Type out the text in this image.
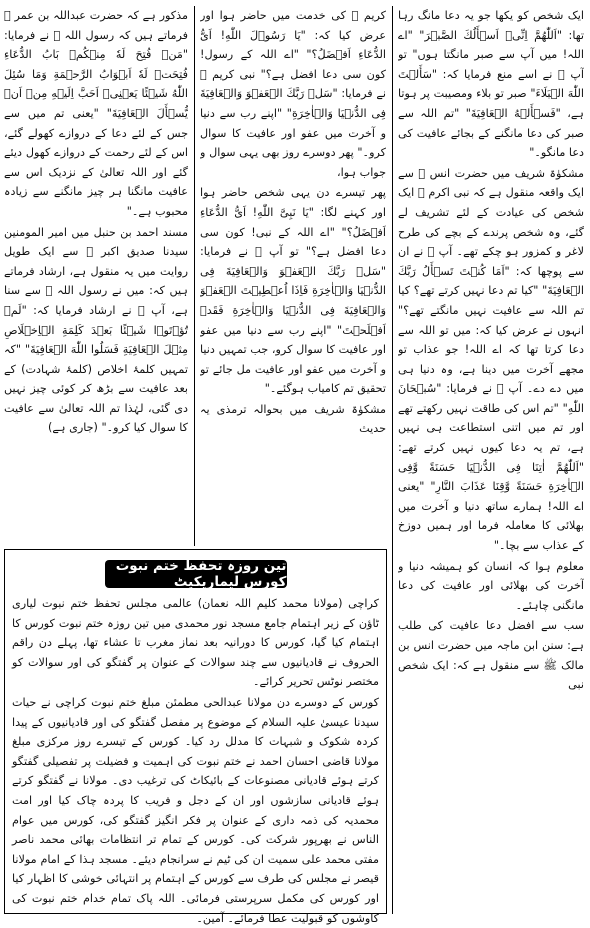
ایک شخص کو یکھا جو یہ دعا مانگ رہا تھا: "اَللّٰهُمَّ اِنِّیۡ اَسۡأَلُكَ الصَّبۡرَ" "اے اللہ! میں آپ سے صبر مانگتا ہوں" تو آپ ﷺ نے اسے منع فرمایا کہ: "سَأَلۡتَ اللّٰهَ الۡبَلَاءَ" صبر تو بلاء ومصیبت پر ہوتا ہے، "فَسۡأَلۡهُ الۡعَافِیَةَ" "تم اللہ سے صبر کی دعا مانگنے کے بجائے عافیت کی دعا مانگو۔"

مشکوٰۃ شریف میں حضرت انس ﷺ سے ایک واقعہ منقول ہے کہ نبی اکرم ﷺ ایک شخص کی عیادت کے لئے تشریف لے گئے، وہ شخص پرندے کے بچے کی طرح لاغر و کمزور ہو چکے تھے۔ آپ ﷺ نے ان سے پوچھا کہ: "اَمَا کُنۡتَ تَسۡأَلُ رَبَّكَ الۡعَافِیَةَ" "کیا تم دعا نہیں کرتے تھے؟ کیا تم اللہ سے عافیت نہیں مانگتے تھے؟" انہوں نے عرض کیا کہ: میں تو اللہ سے دعا کرتا تھا کہ اے اللہ! جو عذاب تو مجھے آخرت میں دینا ہے، وہ دنیا ہی میں دے دے۔ آپ ﷺ نے فرمایا: "سُبۡحَانَ اللّٰهِ" "تم اس کی طاقت نہیں رکھتے تھے اور تم میں اتنی استطاعت ہی نہیں ہے، تم یہ دعا کیوں نہیں کرتے تھے: "اَللّٰهُمَّ اٰتِنَا فِی الدُّنۡیَا حَسَنَةً وَّفِی الۡاٰخِرَةِ حَسَنَةً وَّقِنَا عَذَابَ النَّارِ" "یعنی اے اللہ! ہمارے ساتھ دنیا و آخرت میں بھلائی کا معاملہ فرما اور ہمیں دوزخ کے عذاب سے بچا۔"

معلوم ہوا کہ انسان کو ہمیشہ دنیا و آخرت کی بھلائی اور عافیت کی دعا مانگنی چاہئے۔

سب سے افضل دعا عافیت کی طلب ہے: سنن ابن ماجہ میں حضرت انس بن مالک ﷺ سے منقول ہے کہ: ایک شخص نبی

کریم ﷺ کی خدمت میں حاضر ہوا اور عرض کیا کہ: "یَا رَسُوۡلَ اللّٰهِ! اَیُّ الدُّعَاءِ اَفۡضَلُ؟" "اے اللہ کے رسول! کون سی دعا افضل ہے؟" نبی کریم ﷺ نے فرمایا: "سَلۡ رَبَّكَ الۡعَفۡوَ وَالۡعَافِیَةَ فِی الدُّنۡیَا وَالۡاٰخِرَةِ" "اپنے رب سے دنیا و آخرت میں عفو اور عافیت کا سوال کرو۔" پھر دوسرے روز بھی یہی سوال و جواب ہوا،

پھر تیسرے دن یہی شخص حاضر ہوا اور کہنے لگا: "یَا نَبِیَّ اللّٰهِ! اَیُّ الدُّعَاءِ اَفۡضَلُ؟" "اے اللہ کے نبی! کون سی دعا افضل ہے؟" تو آپ ﷺ نے فرمایا: "سَلۡ رَبَّكَ الۡعَفۡوَ وَالۡعَافِیَةَ فِی الدُّنۡیَا وَالۡاٰخِرَةِ فَاِذَا اُعۡطِیۡتَ الۡعَفۡوَ وَالۡعَافِیَةَ فِی الدُّنۡیَا وَالۡاٰخِرَةِ فَقَدۡ اَفۡلَحۡتَ" "اپنے رب سے دنیا میں عفو اور عافیت کا سوال کرو، جب تمہیں دنیا و آخرت میں عفو اور عافیت مل جائے تو تحقیق تم کامیاب ہوگئے۔"

مشکوٰۃ شریف میں بحوالہ ترمذی یہ حدیث

مذکور ہے کہ حضرت عبداللہ بن عمر ﷺ فرماتے ہیں کہ رسول اللہ ﷺ نے فرمایا: "مَنۡ فُتِحَ لَهٗ مِنۡكُمۡ بَابُ الدُّعَاءِ فُتِحَتۡ لَهٗ اَبۡوَابُ الرَّحۡمَةِ وَمَا سُئِلَ اللّٰهُ شَیۡئًا یَعۡنِیۡ اَحَبَّ اِلَیۡهِ مِنۡ اَنۡ یُّسۡأَلَ الۡعَافِیَةَ" "یعنی تم میں سے جس کے لئے دعا کے دروازے کھولے گئے، اس کے لئے رحمت کے دروازے کھول دیئے گئے اور اللہ تعالیٰ کے نزدیک اس سے عافیت مانگنا ہر چیز مانگنے سے زیادہ محبوب ہے۔"

مسند احمد بن حنبل میں امیر المومنین سیدنا صدیق اکبر ﷺ سے ایک طویل روایت میں یہ منقول ہے، ارشاد فرماتے ہیں کہ: میں نے رسول اللہ ﷺ سے سنا ہے، آپ ﷺ نے ارشاد فرمایا کہ: "لَمۡ تُؤۡتَوۡا شَیۡئًا بَعۡدَ کَلِمَةِ الۡاِخۡلَاصِ مِثۡلَ الۡعَافِیَةِ فَسَلُوا اللّٰهَ الۡعَافِیَةَ" "کہ تمہیں کلمۂ اخلاص (کلمۂ شہادت) کے بعد عافیت سے بڑھ کر کوئی چیز نہیں دی گئی، لہٰذا تم اللہ تعالیٰ سے عافیت کا سوال کیا کرو۔" (جاری ہے)

تین روزہ تحفظ ختم نبوت کورس لیماریکیٹ

کراچی (مولانا محمد کلیم اللہ نعمان) عالمی مجلس تحفظ ختم نبوت لیاری ٹاؤن کے زیر اہتمام جامع مسجد نور محمدی میں تین روزہ ختم نبوت کورس کا اہتمام کیا گیا، کورس کا دورانیہ بعد نماز مغرب تا عشاء تھا، پہلے دن راقم الحروف نے قادیانیوں سے چند سوالات کے عنوان پر گفتگو کی اور سوالات کو مختصر نوٹس تحریر کرائے۔

کورس کے دوسرے دن مولانا عبدالحی مطمئن مبلغ ختم نبوت کراچی نے حیات سیدنا عیسیٰ علیہ السلام کے موضوع پر مفصل گفتگو کی اور قادیانیوں کے پیدا کردہ شکوک و شبہات کا مدلل رد کیا۔ کورس کے تیسرے روز مرکزی مبلغ مولانا قاضی احسان احمد نے ختم نبوت کی اہمیت و فضیلت پر تفصیلی گفتگو کرتے ہوئے قادیانی مصنوعات کے بائیکاٹ کی ترغیب دی۔ مولانا نے گفتگو کرتے ہوئے قادیانی سازشوں اور ان کے دجل و فریب کا پردہ چاک کیا اور امت محمدیہ کی ذمہ داری کے عنوان پر فکر انگیز گفتگو کی، کورس میں عوام الناس نے بھرپور شرکت کی۔ کورس کے تمام تر انتظامات بھائی محمد ناصر مفتی محمد علی سمیت ان کی ٹیم نے سرانجام دیئے۔ مسجد ہذا کے امام مولانا قیصر نے مجلس کی طرف سے کورس کے اہتمام پر انتہائی خوشی کا اظہار کیا اور کورس کی مکمل سرپرستی فرمائی۔ اللہ پاک تمام خدام ختم نبوت کی کاوشوں کو قبولیت عطا فرمائے۔ آمین۔
